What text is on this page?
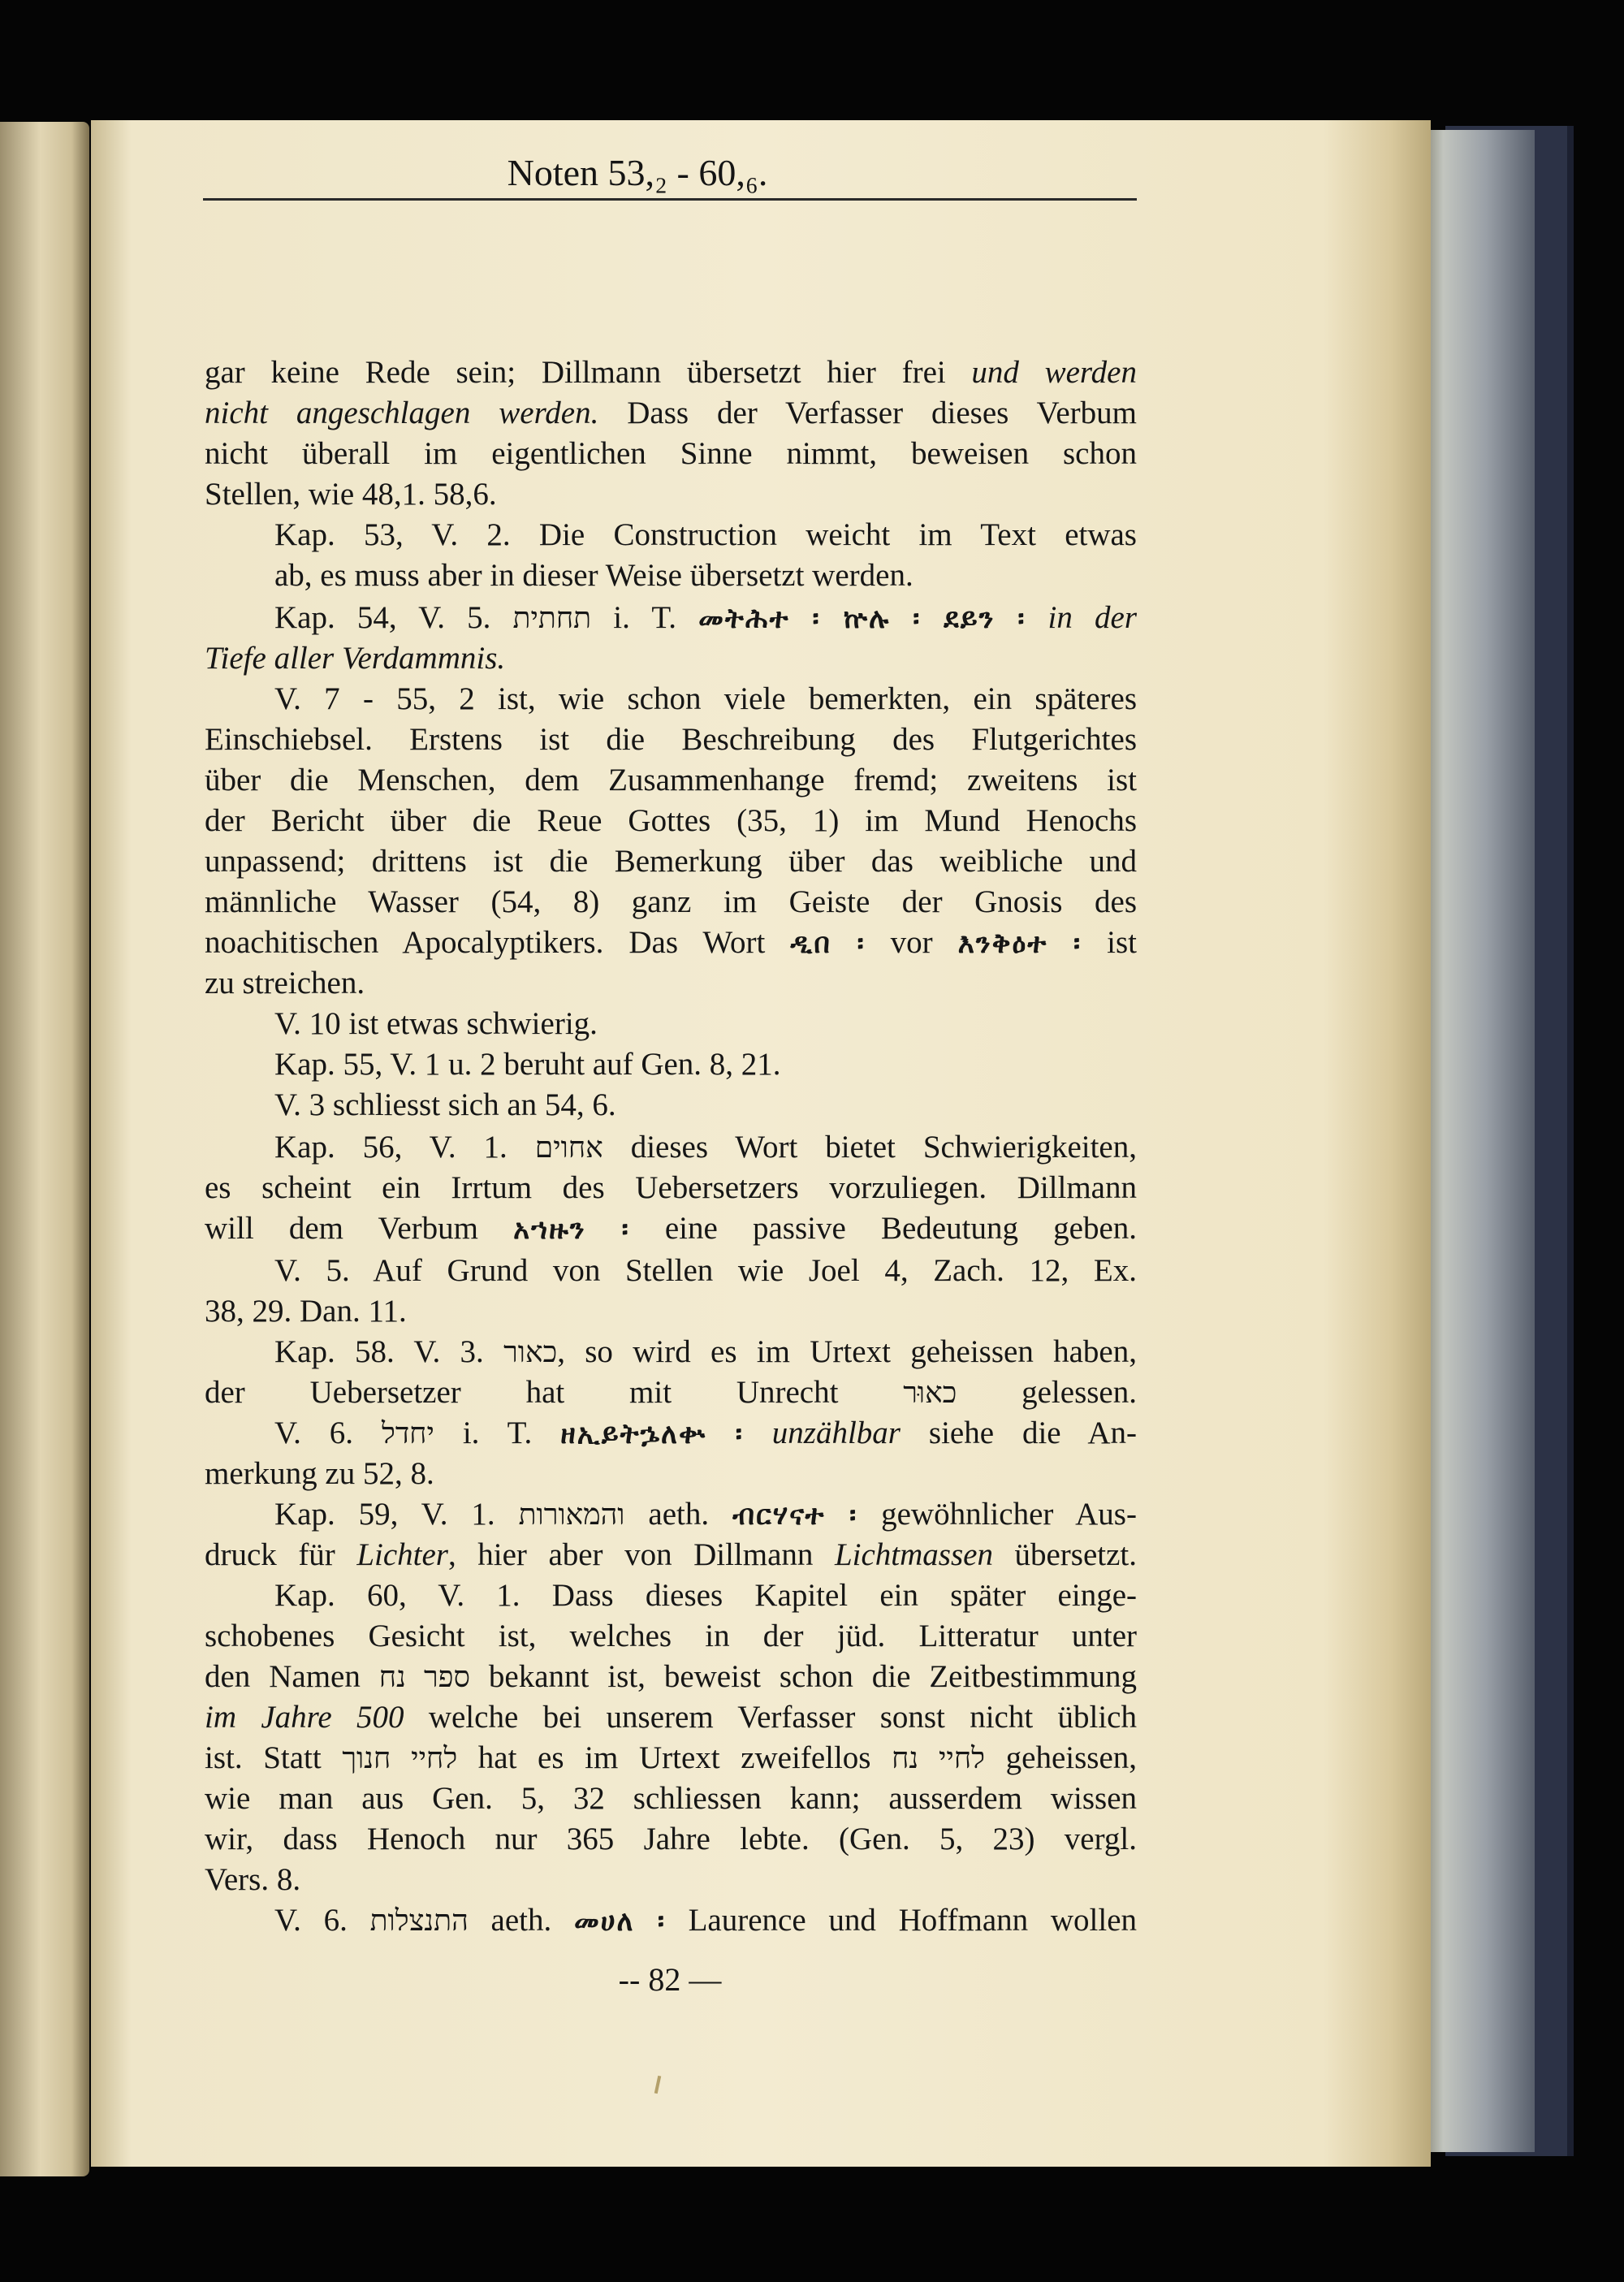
Noten 53,₂ - 60,₆.
gar keine Rede sein; Dillmann übersetzt hier frei und werden
nicht angeschlagen werden. Dass der Verfasser dieses Verbum
nicht überall im eigentlichen Sinne nimmt, beweisen schon
Stellen, wie 48,1. 58,6.
Kap. 53, V. 2. Die Construction weicht im Text etwas
ab, es muss aber in dieser Weise übersetzt werden.
Kap. 54, V. 5. תחתית i. T. መትሕተ ፡ ኵሉ ፡ ደይን ፡ in der
Tiefe aller Verdammnis.
V. 7 - 55, 2 ist, wie schon viele bemerkten, ein späteres
Einschiebsel. Erstens ist die Beschreibung des Flutgerichtes
über die Menschen, dem Zusammenhange fremd; zweitens ist
der Bericht über die Reue Gottes (35, 1) im Mund Henochs
unpassend; drittens ist die Bemerkung über das weibliche und
männliche Wasser (54, 8) ganz im Geiste der Gnosis des
noachitischen Apocalyptikers. Das Wort ዲበ ፡ vor እንቅዕተ ፡ ist
zu streichen.
V. 10 ist etwas schwierig.
Kap. 55, V. 1 u. 2 beruht auf Gen. 8, 21.
V. 3 schliesst sich an 54, 6.
Kap. 56, V. 1. אחוים dieses Wort bietet Schwierigkeiten,
es scheint ein Irrtum des Uebersetzers vorzuliegen. Dillmann
will dem Verbum አኀዙን ፡ eine passive Bedeutung geben.
V. 5. Auf Grund von Stellen wie Joel 4, Zach. 12, Ex.
38, 29. Dan. 11.
Kap. 58. V. 3. כאור, so wird es im Urtext geheissen haben,
der Uebersetzer hat mit Unrecht כאוּר gelessen.
V. 6. יחדל i. T. ዘኢይትኌለቍ ፡ unzählbar siehe die An-
merkung zu 52, 8.
Kap. 59, V. 1. והמאורות aeth. ብርሃናተ ፡ gewöhnlicher Aus-
druck für Lichter, hier aber von Dillmann Lichtmassen übersetzt.
Kap. 60, V. 1. Dass dieses Kapitel ein später einge-
schobenes Gesicht ist, welches in der jüd. Litteratur unter
den Namen ספר נח bekannt ist, beweist schon die Zeitbestimmung
im Jahre 500 welche bei unserem Verfasser sonst nicht üblich
ist. Statt לחיי חנוך hat es im Urtext zweifellos לחיי נח geheissen,
wie man aus Gen. 5, 32 schliessen kann; ausserdem wissen
wir, dass Henoch nur 365 Jahre lebte. (Gen. 5, 23) vergl.
Vers. 8.
V. 6. התנצלות aeth. መሀለ ፡ Laurence und Hoffmann wollen
-- 82 —
